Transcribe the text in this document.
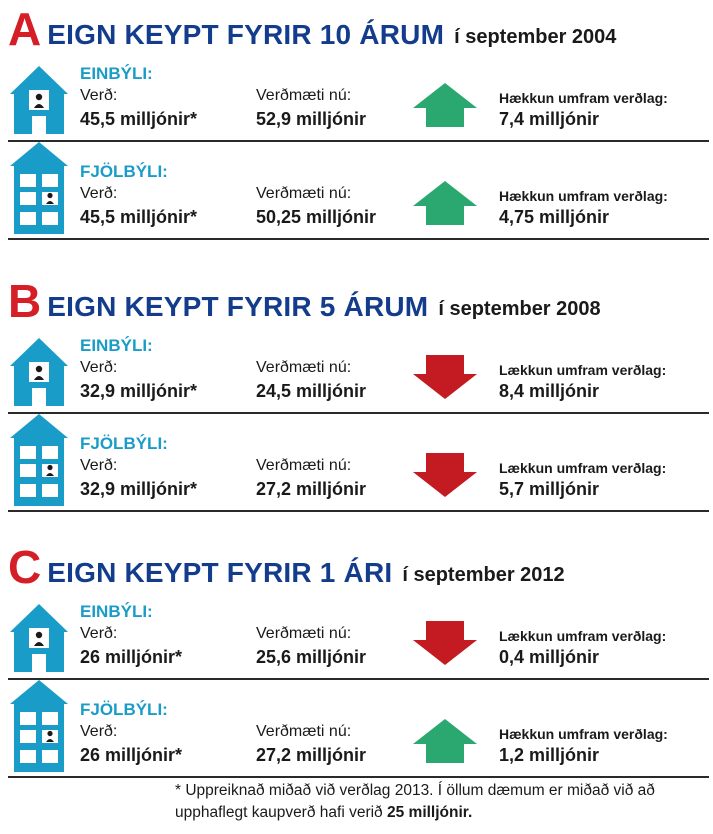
A EIGN KEYPT FYRIR 10 ÁRUM í september 2004
EINBÝLI:
Verð:
45,5 milljónir*
Verðmæti nú:
52,9 milljónir
Hækkun umfram verðlag:
7,4 milljónir
FJÖLBÝLI:
Verð:
45,5 milljónir*
Verðmæti nú:
50,25 milljónir
Hækkun umfram verðlag:
4,75 milljónir
B EIGN KEYPT FYRIR 5 ÁRUM í september 2008
EINBÝLI:
Verð:
32,9 milljónir*
Verðmæti nú:
24,5 milljónir
Lækkun umfram verðlag:
8,4 milljónir
FJÖLBÝLI:
Verð:
32,9 milljónir*
Verðmæti nú:
27,2 milljónir
Lækkun umfram verðlag:
5,7 milljónir
C EIGN KEYPT FYRIR 1 ÁRI í september 2012
EINBÝLI:
Verð:
26 milljónir*
Verðmæti nú:
25,6 milljónir
Lækkun umfram verðlag:
0,4 milljónir
FJÖLBÝLI:
Verð:
26 milljónir*
Verðmæti nú:
27,2 milljónir
Hækkun umfram verðlag:
1,2 milljónir
* Uppreiknað miðað við verðlag 2013. Í öllum dæmum er miðað við að upphaflegt kaupverð hafi verið 25 milljónir.
